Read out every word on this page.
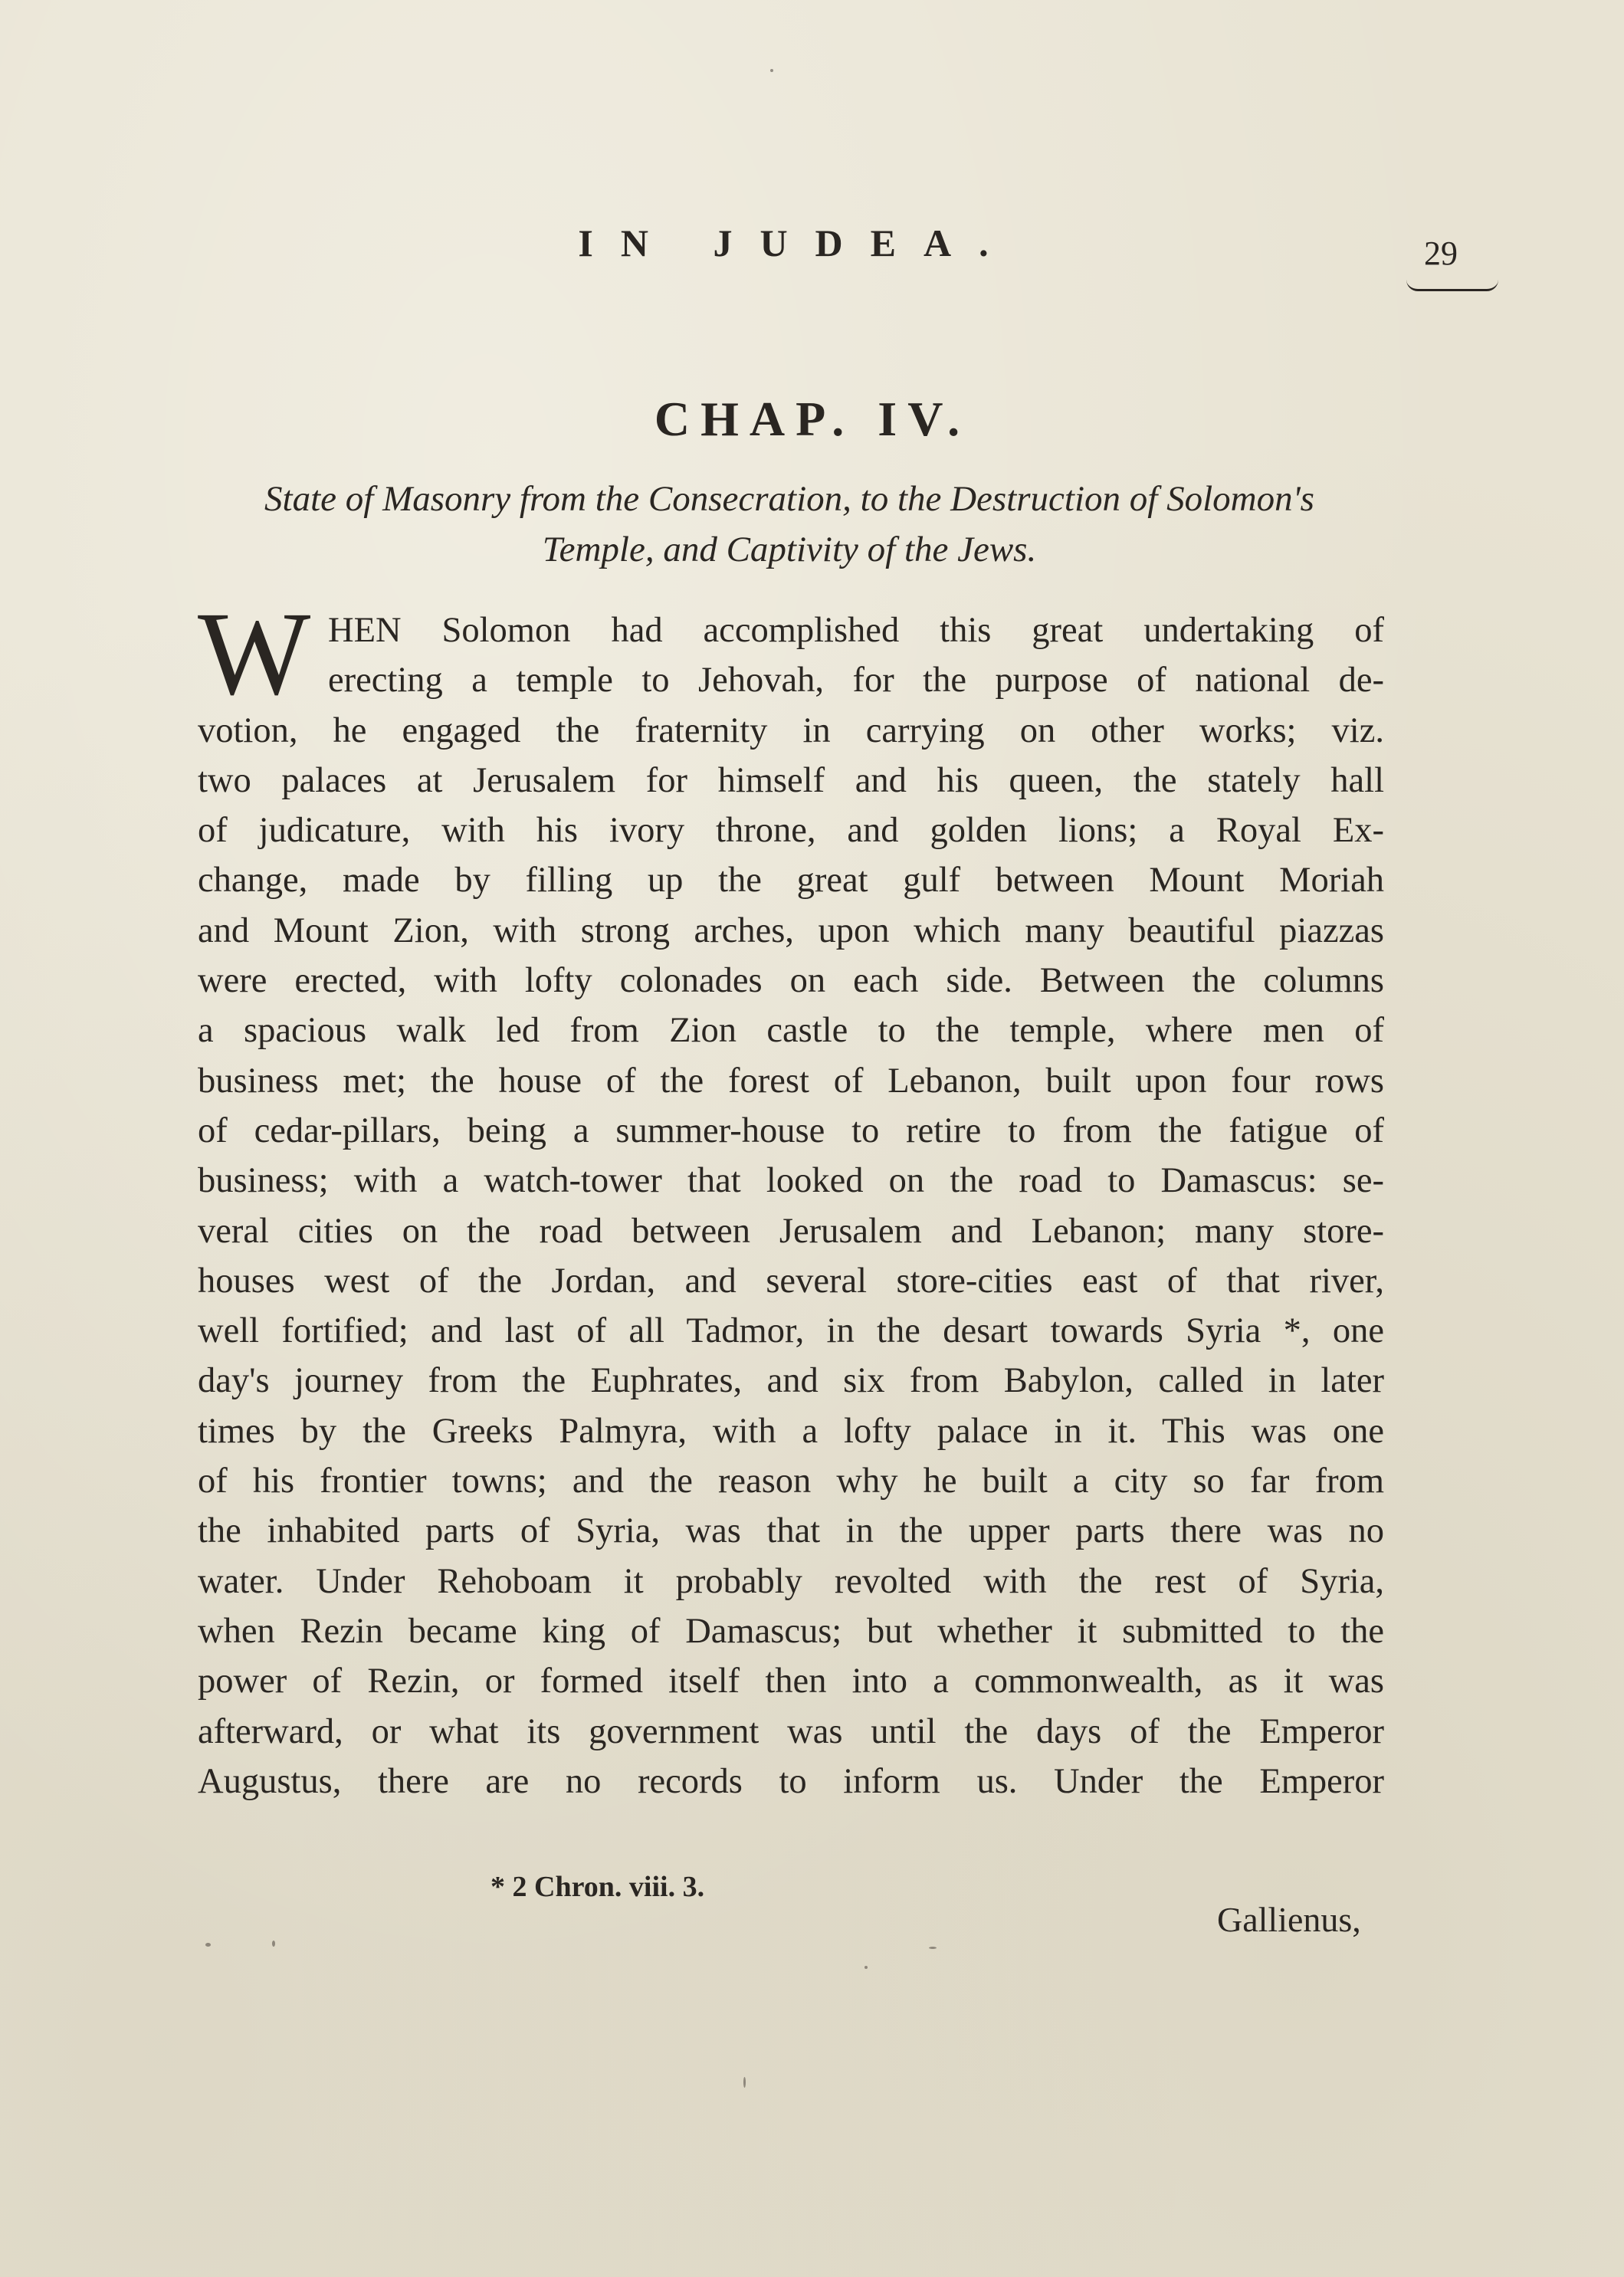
IN JUDEA.	29
CHAP. IV.
State of Masonry from the Consecration, to the Destruction of Solomon's
Temple, and Captivity of the Jews.
W HEN Solomon had accomplished this great undertaking of
erecting a temple to Jehovah, for the purpose of national de-
votion, he engaged the fraternity in carrying on other works; viz.
two palaces at Jerusalem for himself and his queen, the stately hall
of judicature, with his ivory throne, and golden lions; a Royal Ex-
change, made by filling up the great gulf between Mount Moriah
and Mount Zion, with strong arches, upon which many beautiful piazzas
were erected, with lofty colonades on each side. Between the columns
a spacious walk led from Zion castle to the temple, where men of
business met; the house of the forest of Lebanon, built upon four rows
of cedar-pillars, being a summer-house to retire to from the fatigue of
business; with a watch-tower that looked on the road to Damascus: se-
veral cities on the road between Jerusalem and Lebanon; many store-
houses west of the Jordan, and several store-cities east of that river,
well fortified; and last of all Tadmor, in the desart towards Syria *, one
day's journey from the Euphrates, and six from Babylon, called in later
times by the Greeks Palmyra, with a lofty palace in it. This was one
of his frontier towns; and the reason why he built a city so far from
the inhabited parts of Syria, was that in the upper parts there was no
water. Under Rehoboam it probably revolted with the rest of Syria,
when Rezin became king of Damascus; but whether it submitted to the
power of Rezin, or formed itself then into a commonwealth, as it was
afterward, or what its government was until the days of the Emperor
Augustus, there are no records to inform us. Under the Emperor
* 2 Chron. viii. 3.
Gallienus,
